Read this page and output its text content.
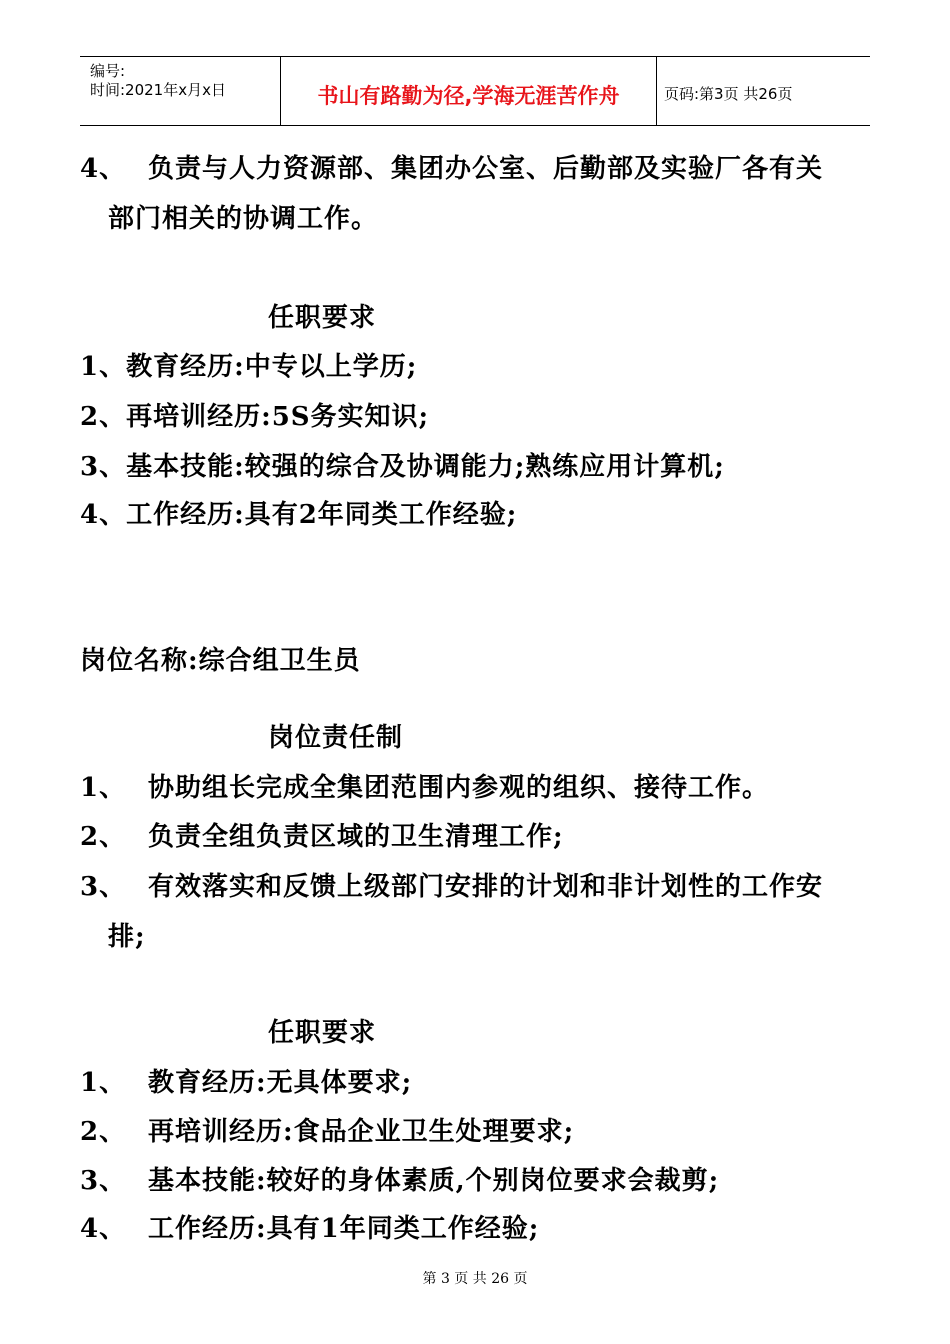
编号:
时间:2021年x月x日	书山有路勤为径,学海无涯苦作舟	页码:第3页 共26页
4、 负责与人力资源部、集团办公室、后勤部及实验厂各有关
部门相关的协调工作。
任职要求
1、教育经历:中专以上学历;
2、再培训经历:5S务实知识;
3、基本技能:较强的综合及协调能力;熟练应用计算机;
4、工作经历:具有2年同类工作经验;
岗位名称:综合组卫生员
岗位责任制
1、 协助组长完成全集团范围内参观的组织、接待工作。
2、 负责全组负责区域的卫生清理工作;
3、 有效落实和反馈上级部门安排的计划和非计划性的工作安
排;
任职要求
1、 教育经历:无具体要求;
2、 再培训经历:食品企业卫生处理要求;
3、 基本技能:较好的身体素质,个别岗位要求会裁剪;
4、 工作经历:具有1年同类工作经验;
第 3 页 共 26 页
